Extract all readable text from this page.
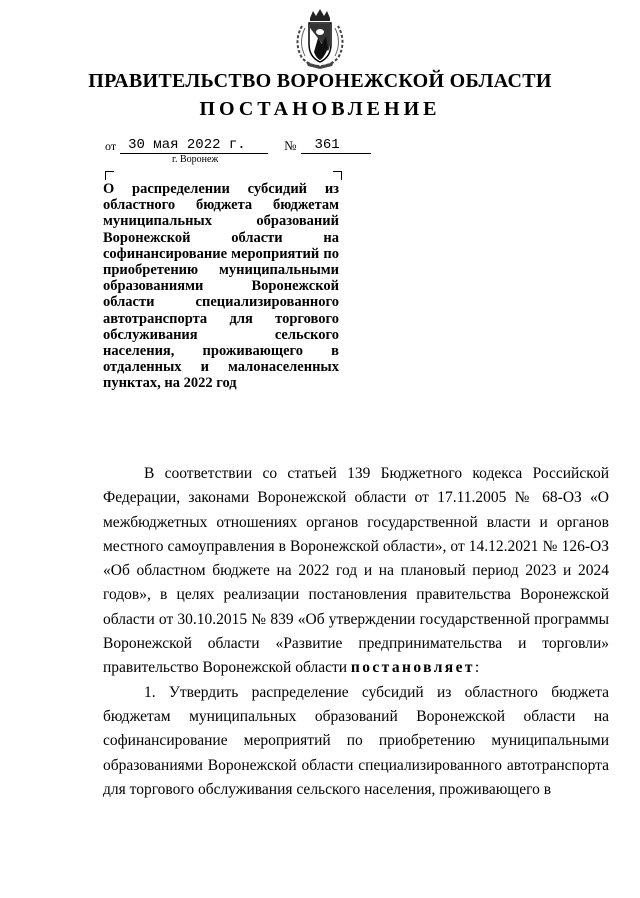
ПРАВИТЕЛЬСТВО ВОРОНЕЖСКОЙ ОБЛАСТИ
ПОСТАНОВЛЕНИЕ
от 30 мая 2022 г.	№	361
г. Воронеж

О распределении субсидий из областного бюджета бюджетам муниципальных образований Воронежской области на софинансирование мероприятий по приобретению муниципальными образованиями Воронежской области специализированного автотранспорта для торгового обслуживания сельского населения, проживающего в отдаленных и малонаселенных пунктах, на 2022 год

В соответствии со статьей 139 Бюджетного кодекса Российской Федерации, законами Воронежской области от 17.11.2005 № 68-ОЗ «О межбюджетных отношениях органов государственной власти и органов местного самоуправления в Воронежской области», от 14.12.2021 № 126-ОЗ «Об областном бюджете на 2022 год и на плановый период 2023 и 2024 годов», в целях реализации постановления правительства Воронежской области от 30.10.2015 № 839 «Об утверждении государственной программы Воронежской области «Развитие предпринимательства и торговли» правительство Воронежской области постановляет:

1. Утвердить распределение субсидий из областного бюджета бюджетам муниципальных образований Воронежской области на софинансирование мероприятий по приобретению муниципальными образованиями Воронежской области специализированного автотранспорта для торгового обслуживания сельского населения, проживающего в
